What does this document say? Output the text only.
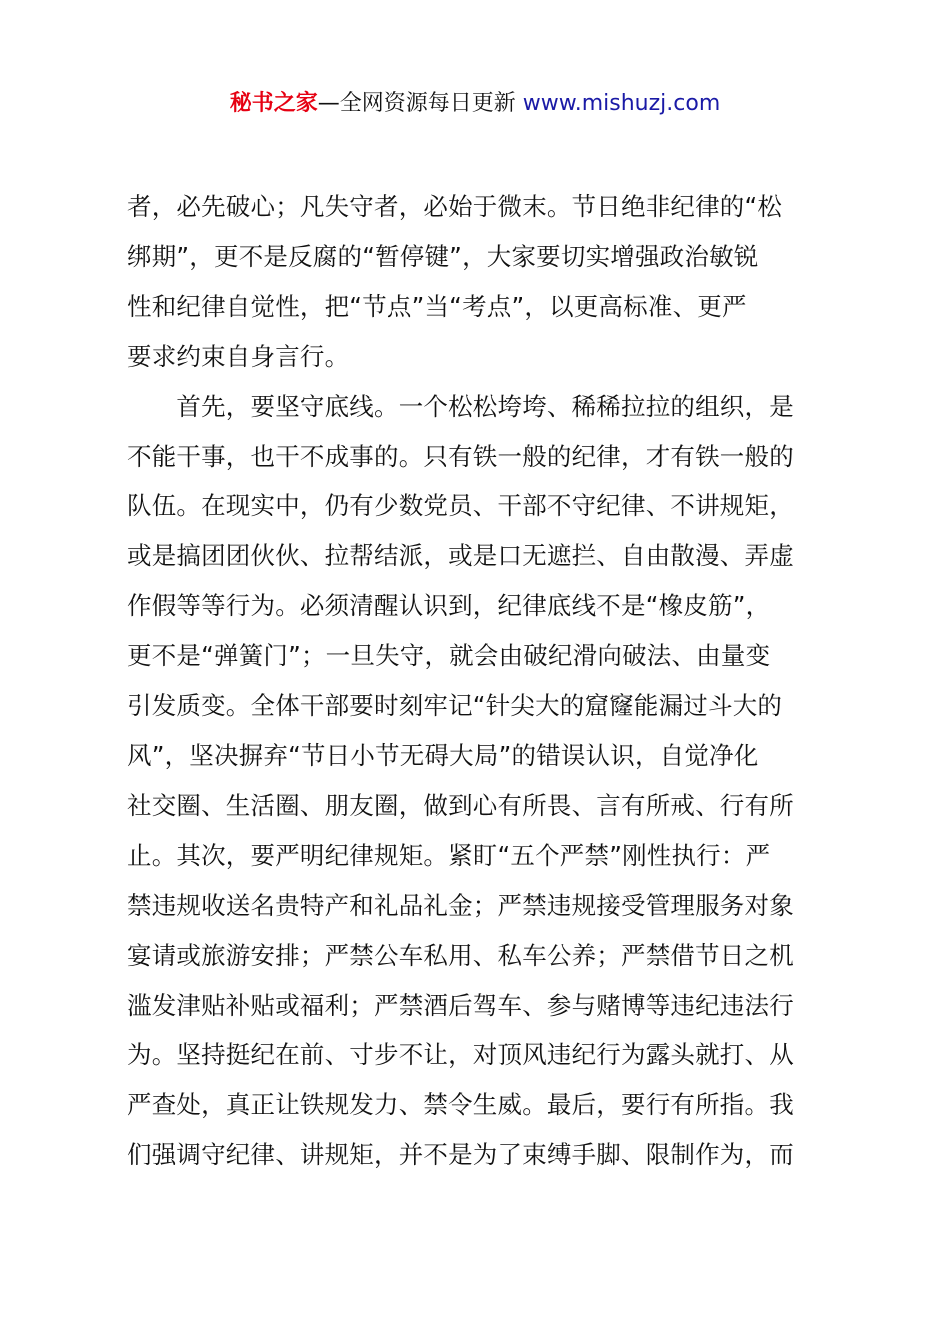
秘书之家—全网资源每日更新 www.mishuzj.com
者，必先破心；凡失守者，必始于微末。节日绝非纪律的“松
绑期”，更不是反腐的“暂停键”，大家要切实增强政治敏锐
性和纪律自觉性，把“节点”当“考点”，以更高标准、更严
要求约束自身言行。
　　首先，要坚守底线。一个松松垮垮、稀稀拉拉的组织，是
不能干事，也干不成事的。只有铁一般的纪律，才有铁一般的
队伍。在现实中，仍有少数党员、干部不守纪律、不讲规矩，
或是搞团团伙伙、拉帮结派，或是口无遮拦、自由散漫、弄虚
作假等等行为。必须清醒认识到，纪律底线不是“橡皮筋”，
更不是“弹簧门”；一旦失守，就会由破纪滑向破法、由量变
引发质变。全体干部要时刻牢记“针尖大的窟窿能漏过斗大的
风”，坚决摒弃“节日小节无碍大局”的错误认识，自觉净化
社交圈、生活圈、朋友圈，做到心有所畏、言有所戒、行有所
止。其次，要严明纪律规矩。紧盯“五个严禁”刚性执行：严
禁违规收送名贵特产和礼品礼金；严禁违规接受管理服务对象
宴请或旅游安排；严禁公车私用、私车公养；严禁借节日之机
滥发津贴补贴或福利；严禁酒后驾车、参与赌博等违纪违法行
为。坚持挺纪在前、寸步不让，对顶风违纪行为露头就打、从
严查处，真正让铁规发力、禁令生威。最后，要行有所指。我
们强调守纪律、讲规矩，并不是为了束缚手脚、限制作为，而
